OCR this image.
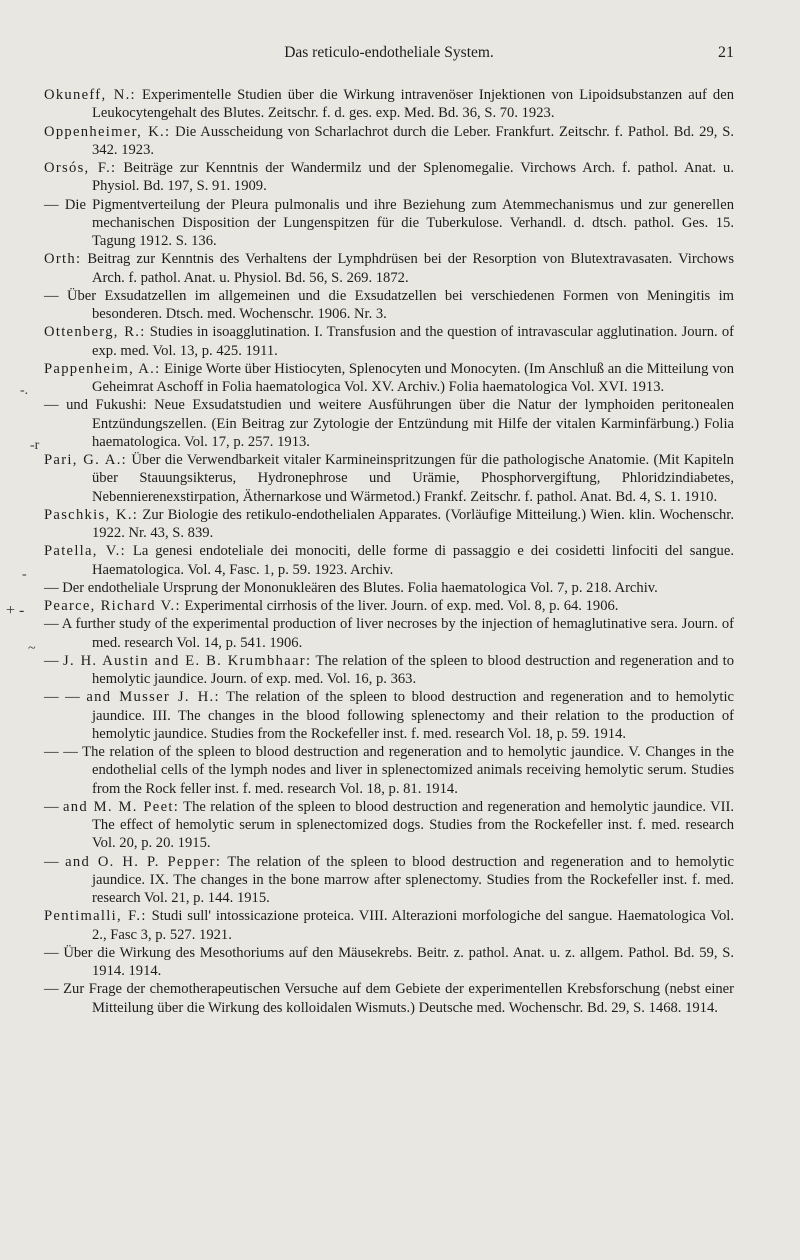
Das reticulo-endotheliale System.	21

Okuneff, N.: Experimentelle Studien über die Wirkung intravenöser Injektionen von Lipoidsubstanzen auf den Leukocytengehalt des Blutes. Zeitschr. f. d. ges. exp. Med. Bd. 36, S. 70. 1923.

Oppenheimer, K.: Die Ausscheidung von Scharlachrot durch die Leber. Frankfurt. Zeitschr. f. Pathol. Bd. 29, S. 342. 1923.

Orsós, F.: Beiträge zur Kenntnis der Wandermilz und der Splenomegalie. Virchows Arch. f. pathol. Anat. u. Physiol. Bd. 197, S. 91. 1909.

— Die Pigmentverteilung der Pleura pulmonalis und ihre Beziehung zum Atemmechanismus und zur generellen mechanischen Disposition der Lungenspitzen für die Tuberkulose. Verhandl. d. dtsch. pathol. Ges. 15. Tagung 1912. S. 136.

Orth: Beitrag zur Kenntnis des Verhaltens der Lymphdrüsen bei der Resorption von Blutextravasaten. Virchows Arch. f. pathol. Anat. u. Physiol. Bd. 56, S. 269. 1872.

— Über Exsudatzellen im allgemeinen und die Exsudatzellen bei verschiedenen Formen von Meningitis im besonderen. Dtsch. med. Wochenschr. 1906. Nr. 3.

Ottenberg, R.: Studies in isoagglutination. I. Transfusion and the question of intravascular agglutination. Journ. of exp. med. Vol. 13, p. 425. 1911.

Pappenheim, A.: Einige Worte über Histiocyten, Splenocyten und Monocyten. (Im Anschluß an die Mitteilung von Geheimrat Aschoff in Folia haematologica Vol. XV. Archiv.) Folia haematologica Vol. XVI. 1913.

— und Fukushi: Neue Exsudatstudien und weitere Ausführungen über die Natur der lymphoiden peritonealen Entzündungszellen. (Ein Beitrag zur Zytologie der Entzündung mit Hilfe der vitalen Karminfärbung.) Folia haematologica. Vol. 17, p. 257. 1913.

Pari, G. A.: Über die Verwendbarkeit vitaler Karmineinspritzungen für die pathologische Anatomie. (Mit Kapiteln über Stauungsikterus, Hydronephrose und Urämie, Phosphorvergiftung, Phloridzindiabetes, Nebennierenexstirpation, Äthernarkose und Wärmetod.) Frankf. Zeitschr. f. pathol. Anat. Bd. 4, S. 1. 1910.

Paschkis, K.: Zur Biologie des retikulo-endothelialen Apparates. (Vorläufige Mitteilung.) Wien. klin. Wochenschr. 1922. Nr. 43, S. 839.

Patella, V.: La genesi endoteliale dei monociti, delle forme di passaggio e dei cosidetti linfociti del sangue. Haematologica. Vol. 4, Fasc. 1, p. 59. 1923. Archiv.

— Der endotheliale Ursprung der Mononukleären des Blutes. Folia haematologica Vol. 7, p. 218. Archiv.

Pearce, Richard V.: Experimental cirrhosis of the liver. Journ. of exp. med. Vol. 8, p. 64. 1906.

— A further study of the experimental production of liver necroses by the injection of hemaglutinative sera. Journ. of med. research Vol. 14, p. 541. 1906.

— J. H. Austin and E. B. Krumbhaar: The relation of the spleen to blood destruction and regeneration and to hemolytic jaundice. Journ. of exp. med. Vol. 16, p. 363.

— — and Musser J. H.: The relation of the spleen to blood destruction and regeneration and to hemolytic jaundice. III. The changes in the blood following splenectomy and their relation to the production of hemolytic jaundice. Studies from the Rockefeller inst. f. med. research Vol. 18, p. 59. 1914.

— — The relation of the spleen to blood destruction and regeneration and to hemolytic jaundice. V. Changes in the endothelial cells of the lymph nodes and liver in splenectomized animals receiving hemolytic serum. Studies from the Rock feller inst. f. med. research Vol. 18, p. 81. 1914.

— and M. M. Peet: The relation of the spleen to blood destruction and regeneration and hemolytic jaundice. VII. The effect of hemolytic serum in splenectomized dogs. Studies from the Rockefeller inst. f. med. research Vol. 20, p. 20. 1915.

— and O. H. P. Pepper: The relation of the spleen to blood destruction and regeneration and to hemolytic jaundice. IX. The changes in the bone marrow after splenectomy. Studies from the Rockefeller inst. f. med. research Vol. 21, p. 144. 1915.

Pentimalli, F.: Studi sull' intossicazione proteica. VIII. Alterazioni morfologiche del sangue. Haematologica Vol. 2., Fasc 3, p. 527. 1921.

— Über die Wirkung des Mesothoriums auf den Mäusekrebs. Beitr. z. pathol. Anat. u. z. allgem. Pathol. Bd. 59, S. 1914. 1914.

— Zur Frage der chemotherapeutischen Versuche auf dem Gebiete der experimentellen Krebsforschung (nebst einer Mitteilung über die Wirkung des kolloidalen Wismuts.) Deutsche med. Wochenschr. Bd. 29, S. 1468. 1914.

-.
-r
-
+ -
~
